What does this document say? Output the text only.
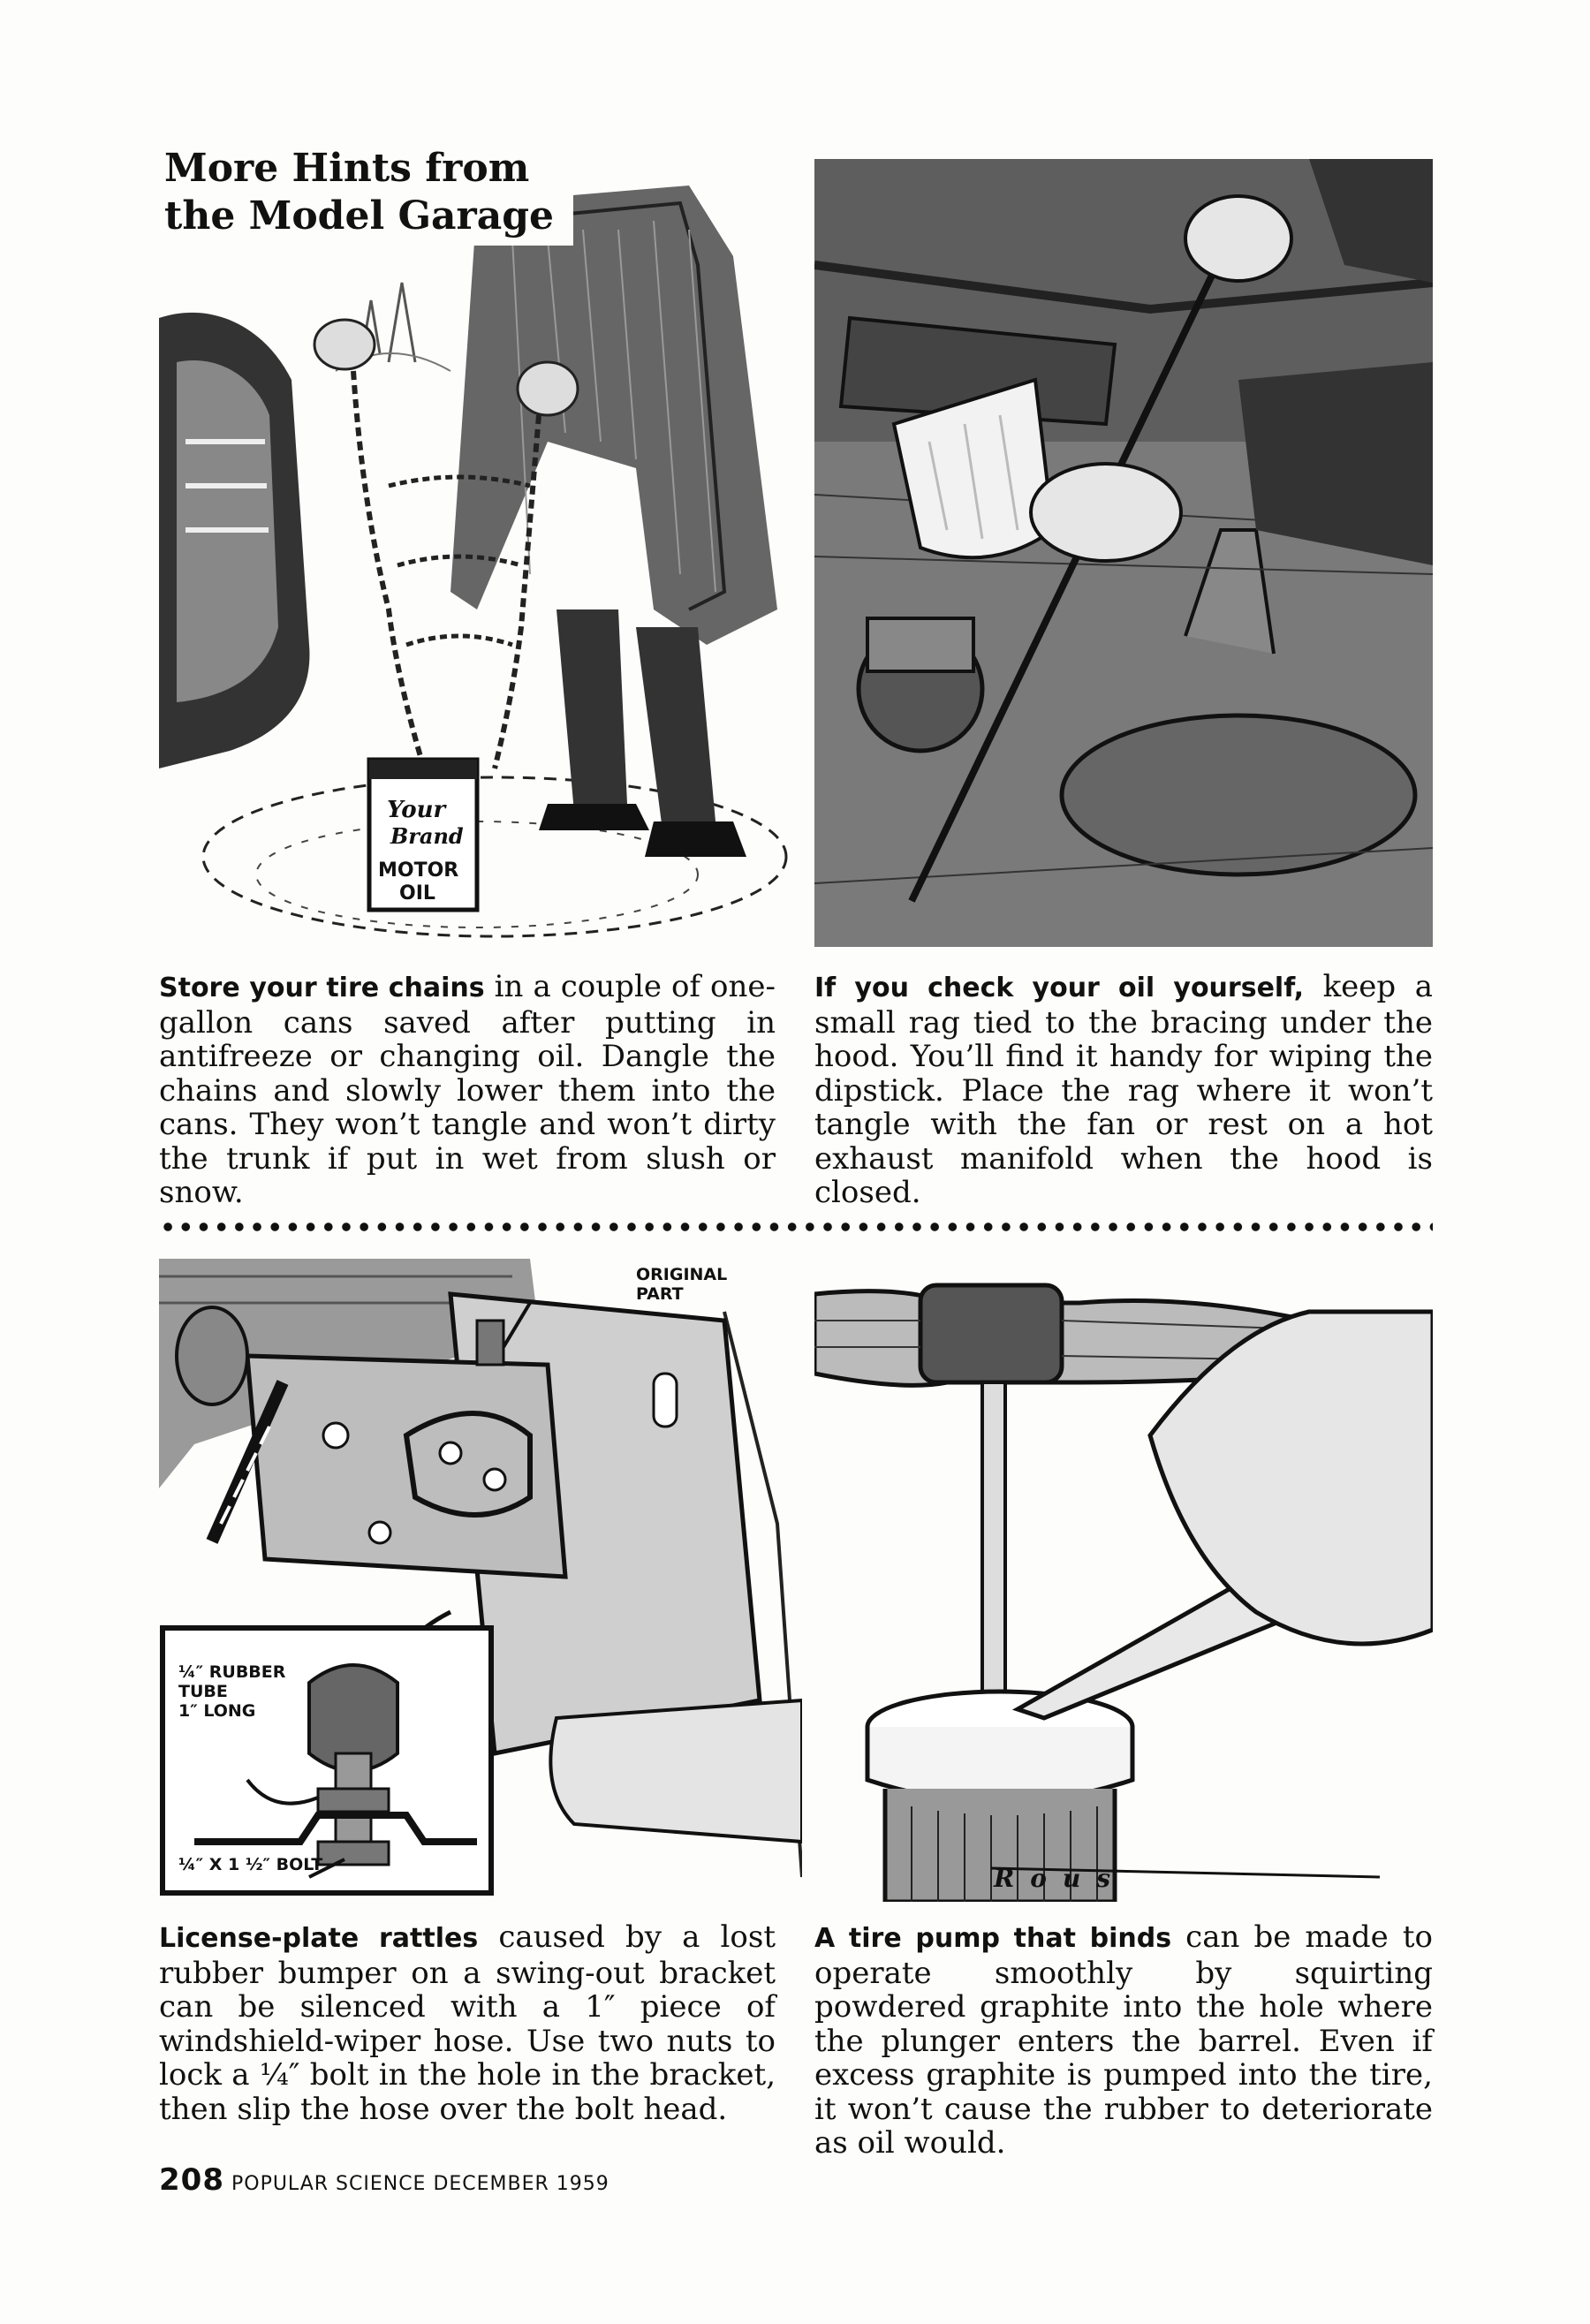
Your
Brand
MOTOR
OIL
More Hints from
the Model Garage

Store your tire chains in a couple of one-gallon cans saved after putting in antifreeze or changing oil. Dangle the chains and slowly lower them into the cans. They won’t tangle and won’t dirty the trunk if put in wet from slush or snow.

If you check your oil yourself, keep a small rag tied to the bracing under the hood. You’ll find it handy for wiping the dipstick. Place the rag where it won’t tangle with the fan or rest on a hot exhaust manifold when the hood is closed.

ORIGINAL
PART
¼″ RUBBER
TUBE
1″ LONG
¼″ X 1 ½″ BOLT	Rous

License-plate rattles caused by a lost rubber bumper on a swing-out bracket can be silenced with a 1″ piece of windshield-wiper hose. Use two nuts to lock a ¼″ bolt in the hole in the bracket, then slip the hose over the bolt head.

A tire pump that binds can be made to operate smoothly by squirting powdered graphite into the hole where the plunger enters the barrel. Even if excess graphite is pumped into the tire, it won’t cause the rubber to deteriorate as oil would.

208 POPULAR SCIENCE DECEMBER 1959
